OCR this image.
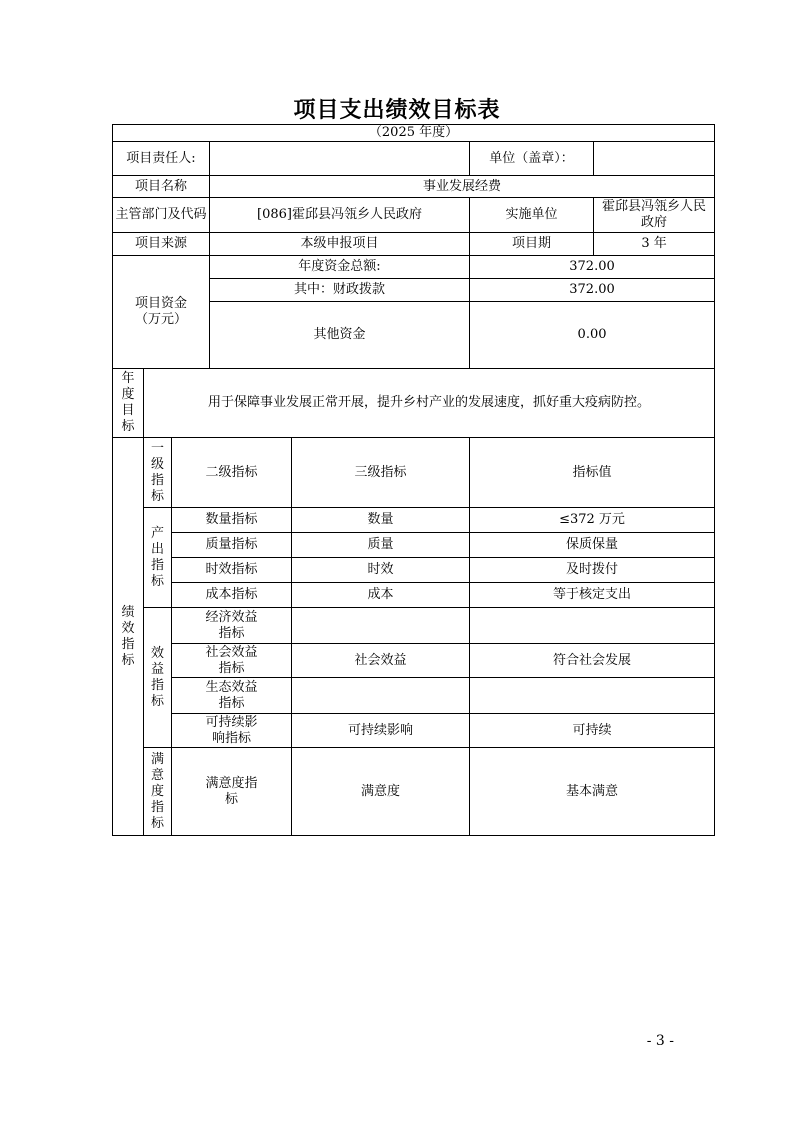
项目支出绩效目标表
（2025 年度）						
项目责任人:					单位（盖章）：	
项目名称			事业发展经费			
主管部门及代码			[086]霍邱县冯瓴乡人民政府		实施单位	霍邱县冯瓴乡人民政府
项目来源			本级申报项目		项目期	3 年

项目资金（万元）			年度资金总额:		372.00	
			其中：财政拨款		372.00	
			其他资金		0.00	

年度目标	用于保障事业发展正常开展，提升乡村产业的发展速度，抓好重大疫病防控。					

绩效指标	一级指标	二级指标		三级指标	指标值	

	产出指标	数量指标		数量	≤372 万元	
		质量指标		质量	保质保量	
		时效指标		时效	及时拨付	
		成本指标		成本	等于核定支出	

	效益指标	经济效益指标				

		社会效益指标		社会效益	符合社会发展	

		生态效益指标				

		可持续影响指标		可持续影响	可持续	

	满意度指标	满意度指标		满意度	基本满意	
- 3 -
